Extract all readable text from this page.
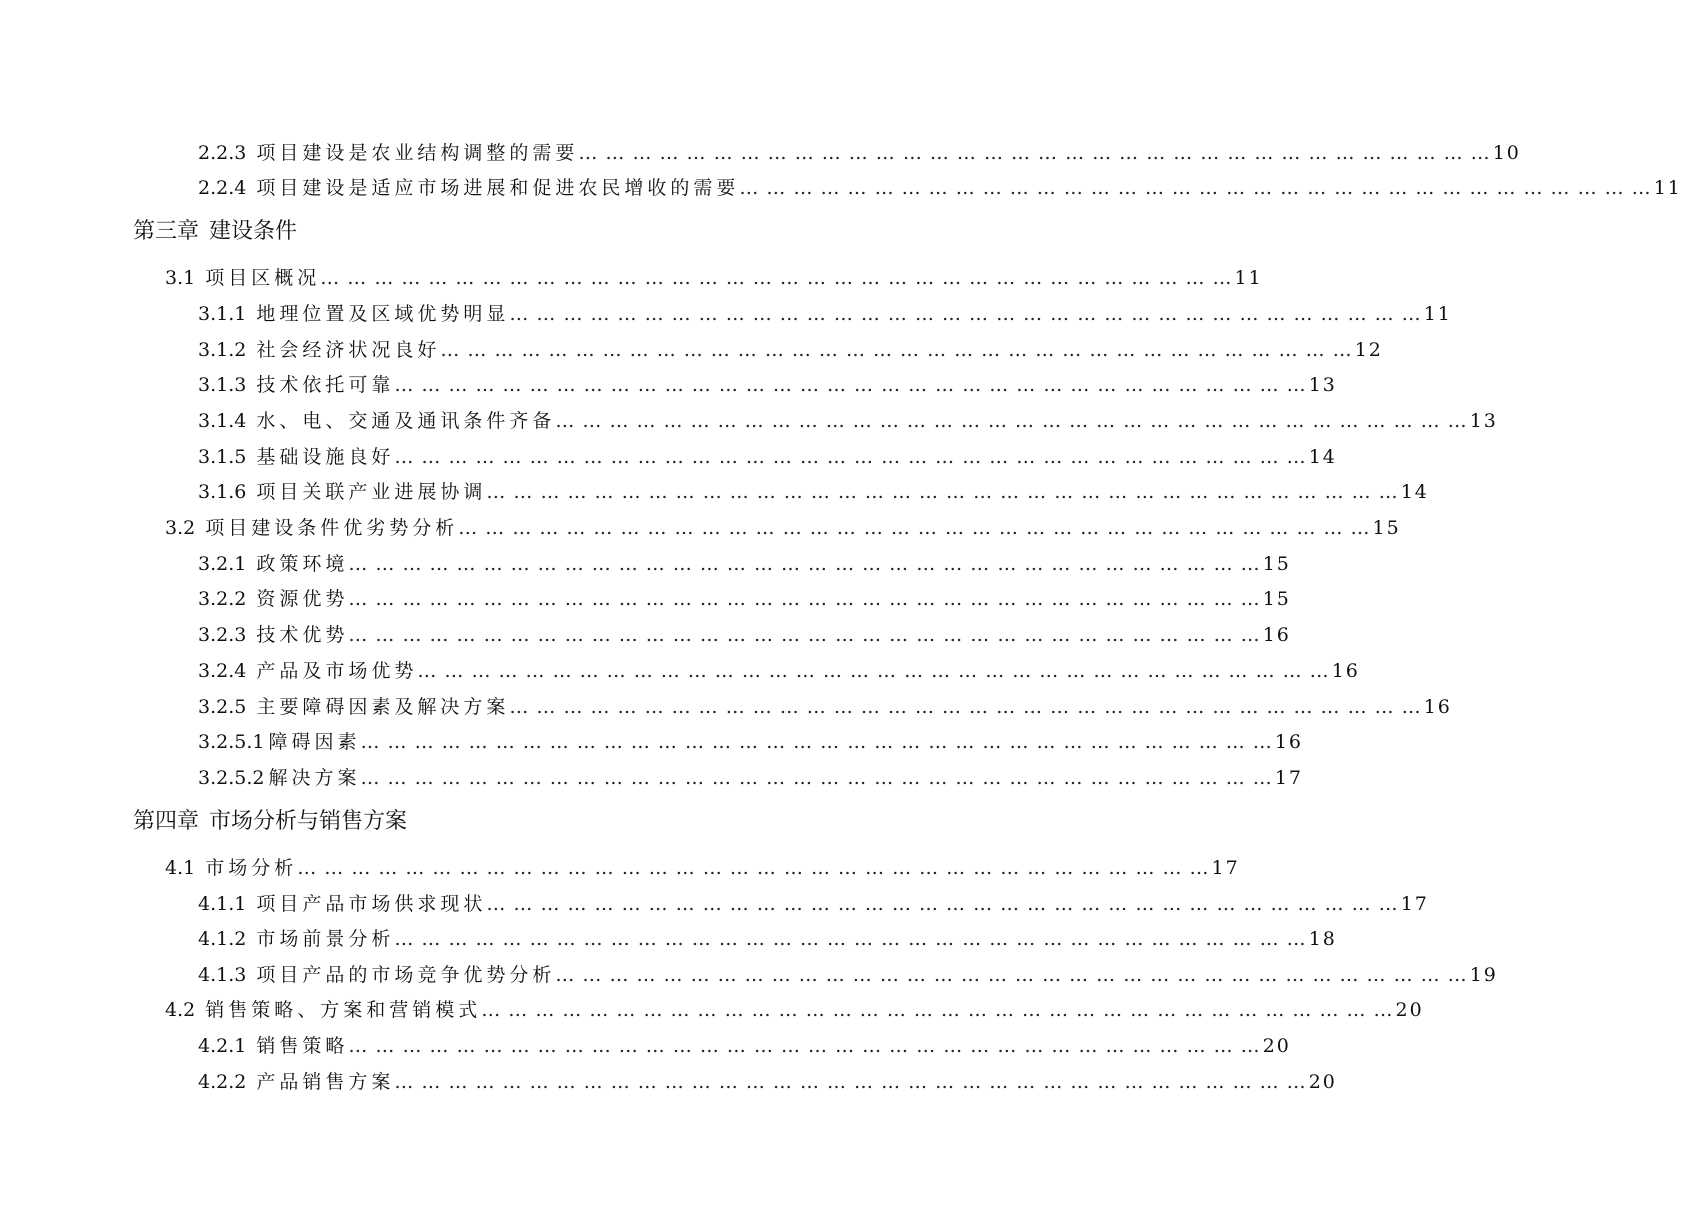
2.2.3 项目建设是农业结构调整的需要 … … … … … … … … … … … … … … … … … … … … … … … … … … … … … … … … … … 10
2.2.4 项目建设是适应市场进展和促进农民增收的需要 … … … … … … … … … … … … … … … … … … … … … … … … … … … … … … … … … … 11
第三章 建设条件
3.1 项目区概况 … … … … … … … … … … … … … … … … … … … … … … … … … … … … … … … … … … 11
3.1.1 地理位置及区域优势明显 … … … … … … … … … … … … … … … … … … … … … … … … … … … … … … … … … … 11
3.1.2 社会经济状况良好 … … … … … … … … … … … … … … … … … … … … … … … … … … … … … … … … … … 12
3.1.3 技术依托可靠 … … … … … … … … … … … … … … … … … … … … … … … … … … … … … … … … … … 13
3.1.4 水、电、交通及通讯条件齐备 … … … … … … … … … … … … … … … … … … … … … … … … … … … … … … … … … … 13
3.1.5 基础设施良好 … … … … … … … … … … … … … … … … … … … … … … … … … … … … … … … … … … 14
3.1.6 项目关联产业进展协调 … … … … … … … … … … … … … … … … … … … … … … … … … … … … … … … … … … 14
3.2 项目建设条件优劣势分析 … … … … … … … … … … … … … … … … … … … … … … … … … … … … … … … … … … 15
3.2.1 政策环境 … … … … … … … … … … … … … … … … … … … … … … … … … … … … … … … … … … 15
3.2.2 资源优势 … … … … … … … … … … … … … … … … … … … … … … … … … … … … … … … … … … 15
3.2.3 技术优势 … … … … … … … … … … … … … … … … … … … … … … … … … … … … … … … … … … 16
3.2.4 产品及市场优势 … … … … … … … … … … … … … … … … … … … … … … … … … … … … … … … … … … 16
3.2.5 主要障碍因素及解决方案 … … … … … … … … … … … … … … … … … … … … … … … … … … … … … … … … … … 16
3.2.5.1 障碍因素 … … … … … … … … … … … … … … … … … … … … … … … … … … … … … … … … … … 16
3.2.5.2 解决方案 … … … … … … … … … … … … … … … … … … … … … … … … … … … … … … … … … … 17
第四章 市场分析与销售方案
4.1 市场分析 … … … … … … … … … … … … … … … … … … … … … … … … … … … … … … … … … … 17
4.1.1 项目产品市场供求现状 … … … … … … … … … … … … … … … … … … … … … … … … … … … … … … … … … … 17
4.1.2 市场前景分析 … … … … … … … … … … … … … … … … … … … … … … … … … … … … … … … … … … 18
4.1.3 项目产品的市场竞争优势分析 … … … … … … … … … … … … … … … … … … … … … … … … … … … … … … … … … … 19
4.2 销售策略、方案和营销模式 … … … … … … … … … … … … … … … … … … … … … … … … … … … … … … … … … … 20
4.2.1 销售策略 … … … … … … … … … … … … … … … … … … … … … … … … … … … … … … … … … … 20
4.2.2 产品销售方案 … … … … … … … … … … … … … … … … … … … … … … … … … … … … … … … … … … 20
